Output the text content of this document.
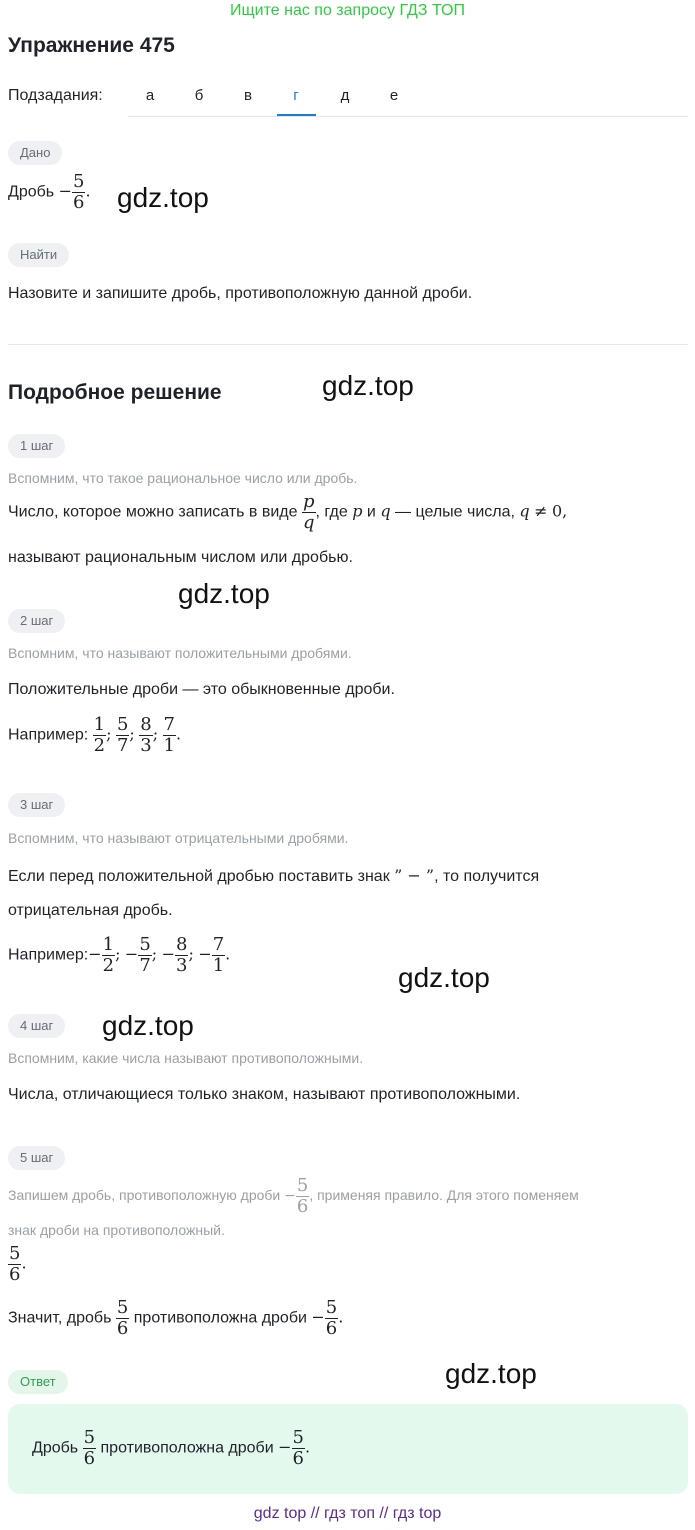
Ищите нас по запросу ГДЗ ТОП
Упражнение 475
Подзадания:	а	б	в	г	д	е
Дано
Дробь − $\frac{5}{6}$ . gdz.top
Найти
Назовите и запишите дробь, противоположную данной дроби.
Подробное решение	gdz.top
1 шаг
Вспомним, что такое рациональное число или дробь.
Число, которое можно записать в виде $\frac{p}{q}$ , где p и q — целые числа, q ≠ 0,
называют рациональным числом или дробью.
gdz.top
2 шаг
Вспомним, что называют положительными дробями.
Положительные дроби — это обыкновенные дроби.
Например: $\frac{1}{2}$ ; $\frac{5}{7}$ ; $\frac{8}{3}$ ; $\frac{7}{1}$ .
3 шаг
Вспомним, что называют отрицательными дробями.
Если перед положительной дробью поставить знак ” − ”, то получится
отрицательная дробь.
Например:− $\frac{1}{2}$ ; − $\frac{5}{7}$ ; − $\frac{8}{3}$ ; − $\frac{7}{1}$ .
gdz.top
4 шаг	gdz.top
Вспомним, какие числа называют противоположными.
Числа, отличающиеся только знаком, называют противоположными.
5 шаг
Запишем дробь, противоположную дроби − $\frac{5}{6}$ , применяя правило. Для этого поменяем
знак дроби на противоположный.
$\frac{5}{6}$ .
Значит, дробь $\frac{5}{6}$ противоположна дроби − $\frac{5}{6}$ .
Ответ	gdz.top
Дробь $\frac{5}{6}$ противоположна дроби − $\frac{5}{6}$ .
gdz top // гдз топ // гдз top
